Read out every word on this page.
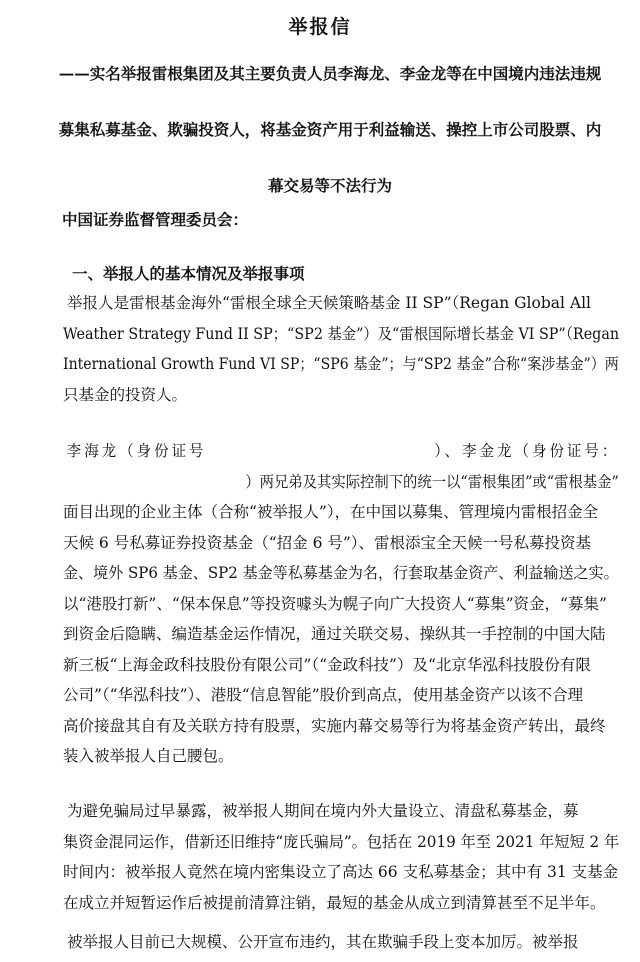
举报信
——实名举报雷根集团及其主要负责人员李海龙、李金龙等在中国境内违法违规

募集私募基金、欺骗投资人，将基金资产用于利益输送、操控上市公司股票、内

幕交易等不法行为
中国证券监督管理委员会：
一、举报人的基本情况及举报事项
举报人是雷根基金海外“雷根全球全天候策略基金 II SP”（Regan Global All
Weather Strategy Fund II SP；“SP2 基金”）及“雷根国际增长基金 VI SP”（Regan
International Growth Fund VI SP；“SP6 基金”；与“SP2 基金”合称“案涉基金”）两
只基金的投资人。
李海龙（身份证号                              ）、李金龙（身份证号：
）两兄弟及其实际控制下的统一以“雷根集团”或“雷根基金”
面目出现的企业主体（合称“被举报人”），在中国以募集、管理境内雷根招金全
天候 6 号私募证券投资基金（“招金 6 号”）、雷根添宝全天候一号私募投资基
金、境外 SP6 基金、SP2 基金等私募基金为名，行套取基金资产、利益输送之实。
以“港股打新”、“保本保息”等投资噱头为幌子向广大投资人“募集”资金，“募集”
到资金后隐瞒、编造基金运作情况，通过关联交易、操纵其一手控制的中国大陆
新三板“上海金政科技股份有限公司”（“金政科技”）及“北京华泓科技股份有限
公司”（“华泓科技”）、港股“信息智能”股价到高点，使用基金资产以该不合理
高价接盘其自有及关联方持有股票，实施内幕交易等行为将基金资产转出，最终
装入被举报人自己腰包。
为避免骗局过早暴露，被举报人期间在境内外大量设立、清盘私募基金，募
集资金混同运作，借新还旧维持“庞氏骗局”。包括在 2019 年至 2021 年短短 2 年
时间内：被举报人竟然在境内密集设立了高达 66 支私募基金；其中有 31 支基金
在成立并短暂运作后被提前清算注销，最短的基金从成立到清算甚至不足半年。
被举报人目前已大规模、公开宣布违约，其在欺骗手段上变本加厉。被举报
